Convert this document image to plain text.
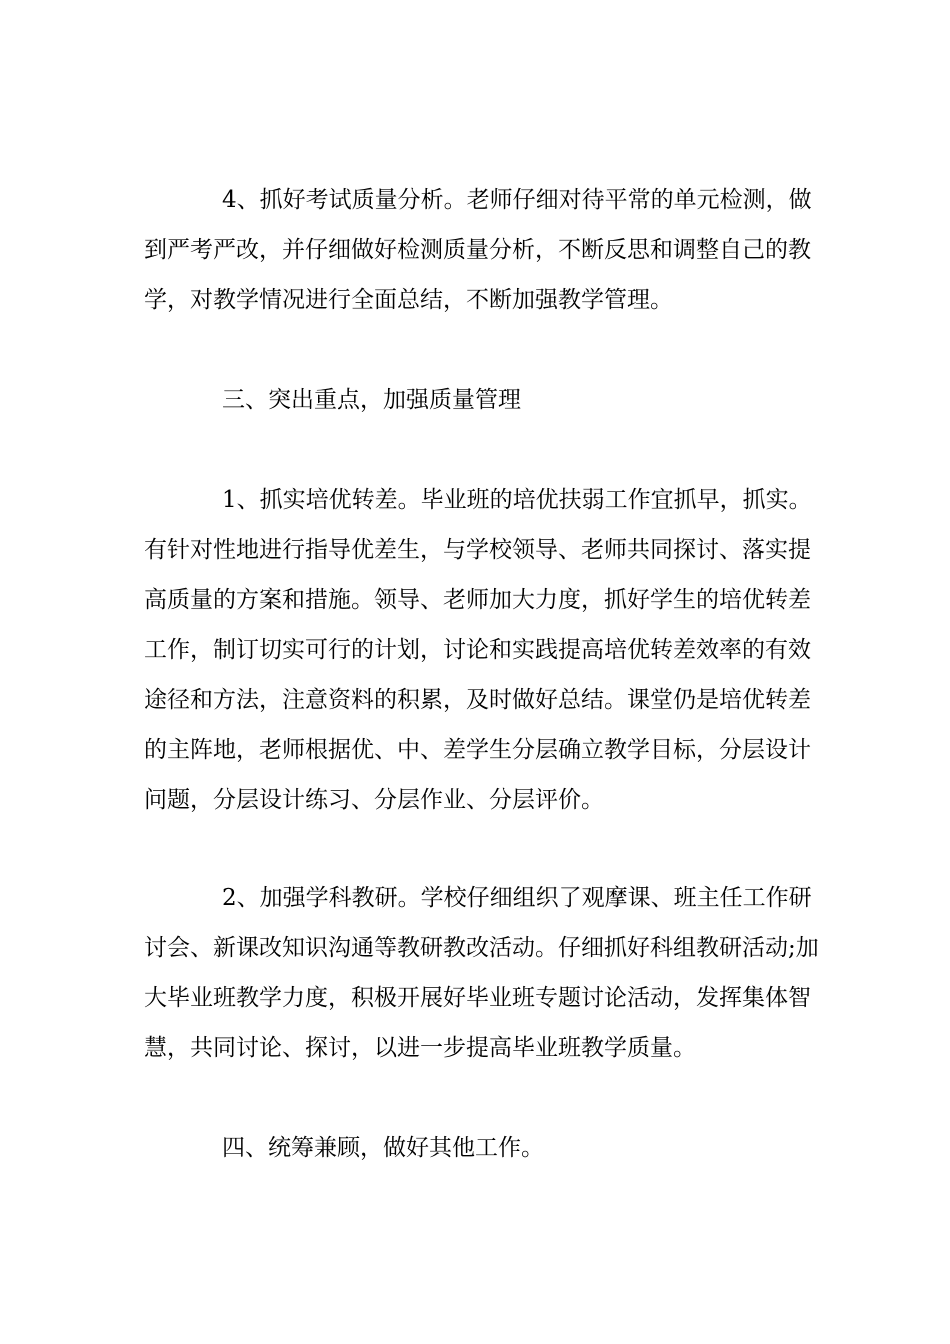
4、抓好考试质量分析。老师仔细对待平常的单元检测，做
到严考严改，并仔细做好检测质量分析，不断反思和调整自己的教
学，对教学情况进行全面总结，不断加强教学管理。
三、突出重点，加强质量管理
1、抓实培优转差。毕业班的培优扶弱工作宜抓早，抓实。
有针对性地进行指导优差生，与学校领导、老师共同探讨、落实提
高质量的方案和措施。领导、老师加大力度，抓好学生的培优转差
工作，制订切实可行的计划，讨论和实践提高培优转差效率的有效
途径和方法，注意资料的积累，及时做好总结。课堂仍是培优转差
的主阵地，老师根据优、中、差学生分层确立教学目标，分层设计
问题，分层设计练习、分层作业、分层评价。
2、加强学科教研。学校仔细组织了观摩课、班主任工作研
讨会、新课改知识沟通等教研教改活动。仔细抓好科组教研活动;加
大毕业班教学力度，积极开展好毕业班专题讨论活动，发挥集体智
慧，共同讨论、探讨，以进一步提高毕业班教学质量。
四、统筹兼顾，做好其他工作。
